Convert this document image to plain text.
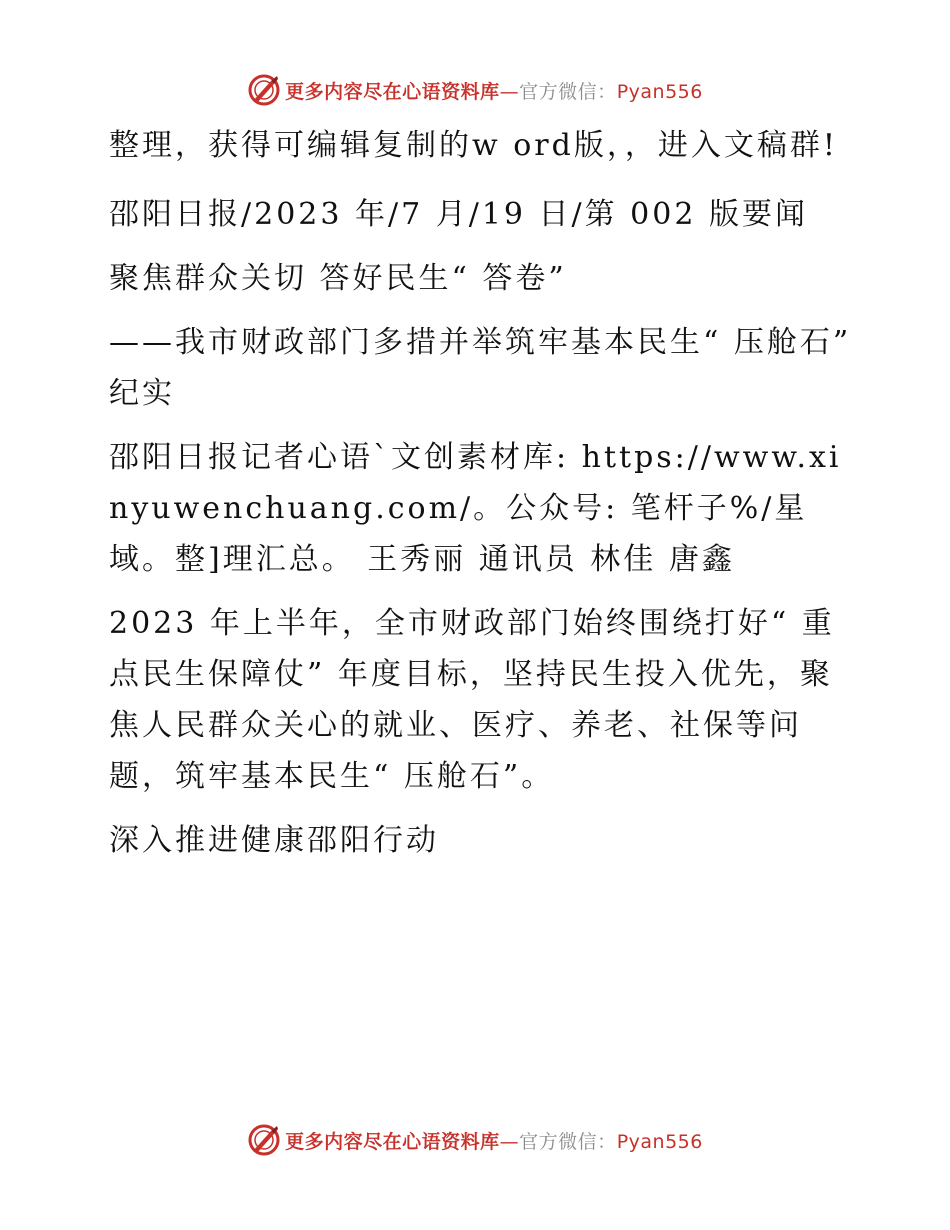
更多内容尽在心语资料库—官方微信：Pyan556

整理，获得可编辑复制的w ord版，，进入文稿群!

邵阳日报/2023 年/7 月/19 日/第 002 版要闻

聚焦群众关切 答好民生“ 答卷”

——我市财政部门多措并举筑牢基本民生“ 压舱石” 纪实

邵阳日报记者心语`文创素材库: https://www.xinyuwenchuang.com/。公众号: 笔杆子%/星域。整]理汇总。 王秀丽 通讯员 林佳 唐鑫

2023 年上半年，全市财政部门始终围绕打好“ 重点民生保障仗” 年度目标，坚持民生投入优先，聚焦人民群众关心的就业、医疗、养老、社保等问题，筑牢基本民生“ 压舱石”。

深入推进健康邵阳行动

更多内容尽在心语资料库—官方微信：Pyan556
